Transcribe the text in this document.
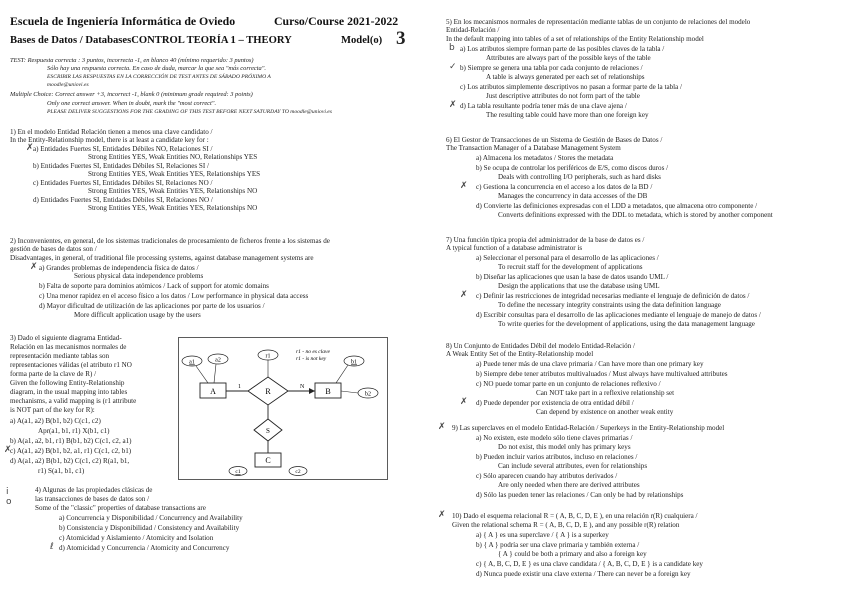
Escuela de Ingeniería Informática de Oviedo	Curso/Course 2021-2022
Bases de Datos / DatabasesCONTROL TEORÍA 1 – THEORY	Model(o) 3
TEST: Respuesta correcta : 3 puntos, incorrecta -1, en blanco 40 (mínimo requerido: 3 puntos)
Sólo hay una respuesta correcta. En caso de duda, marcar la que sea "más correcta".
ESCRIBIR LAS RESPUESTAS EN LA CORRECCIÓN DE TEST ANTES DE SÁBADO PRÓXIMO A
moodle@uniovi.es
Multiple Choice: Correct answer +3, incorrect -1, blank 0 (minimum grade required: 3 points)
Only one correct answer. When in doubt, mark the "most correct".
PLEASE DELIVER SUGGESTIONS FOR THE GRADING OF THIS TEST BEFORE NEXT SATURDAY TO moodle@uniovi.es
1) En el modelo Entidad Relación tienen a menos una clave candidato /
In the Entity-Relationship model, there is at least a candidate key for :
a) Entidades Fuertes SI, Entidades Débiles NO, Relaciones SI /
Strong Entities YES, Weak Entities NO, Relationships YES
b) Entidades Fuertes SI, Entidades Débiles SI, Relaciones SI /
Strong Entities YES, Weak Entities YES, Relationships YES
c) Entidades Fuertes SI, Entidades Débiles SI, Relaciones NO /
Strong Entities YES, Weak Entities YES, Relationships NO
d) Entidades Fuertes SI, Entidades Débiles SI, Relaciones NO /
Strong Entities YES, Weak Entities YES, Relationships NO
2) Inconvenientes, en general, de los sistemas tradicionales de procesamiento de ficheros frente a los sistemas de
gestión de bases de datos son /
Disadvantages, in general, of traditional file processing systems, against database management systems are
a) Grandes problemas de independencia física de datos /
Serious physical data independence problems
b) Falta de soporte para dominios atómicos / Lack of support for atomic domains
c) Una menor rapidez en el acceso físico a los datos / Low performance in physical data access
d) Mayor dificultad de utilización de las aplicaciones por parte de los usuarios /
More difficult application usage by the users
3) Dado el siguiente diagrama Entidad-
Relación en las mecanismos normales de
representación mediante tablas son
representaciones válidas (el atributo r1 NO
forma parte de la clave de R) /
Given the following Entity-Relationship
diagram, in the usual mapping into tables
mechanisms, a valid mapping is (r1 attribute
is NOT part of the key for R):
a) A(a1, a2) B(b1, b2) C(c1, c2)
Apr(a1, b1, r1) X(b1, c1)
b) A(a1, a2, b1, r1) B(b1, b2) C(c1, c2, a1)
c) A(a1, a2) B(b1, b2, a1, r1) C(c1, c2, b1)
d) A(a1, a2) B(b1, b2) C(c1, c2) R(a1, b1,
r1) S(a1, b1, c1)
4) Algunas de las propiedades clásicas de
las transacciones de bases de datos son /
Some of the "classic" properties of database transactions are
a) Concurrencia y Disponibilidad / Concurrency and Availability
b) Consistencia y Disponibilidad / Consistency and Availability
c) Atomicidad y Aislamiento / Atomicity and Isolation
d) Atomicidad y Concurrencia / Atomicity and Concurrency
✗
✗
✗
ℓ
i
o
A	R	B
a1	a2
r1
b1
b2
S
C
c1	c2
1	N
r1 - no es clave
r1 - is not key
5) En los mecanismos normales de representación mediante tablas de un conjunto de relaciones del modelo
Entidad-Relación /
In the default mapping into tables of a set of relationships of the Entity Relationship model
a) Los atributos siempre forman parte de las posibles claves de la tabla /
Attributes are always part of the possible keys of the table
b) Siempre se genera una tabla por cada conjunto de relaciones /
A table is always generated per each set of relationships
c) Los atributos simplemente descriptivos no pasan a formar parte de la tabla /
Just descriptive attributes do not form part of the table
d) La tabla resultante podría tener más de una clave ajena /
The resulting table could have more than one foreign key
6) El Gestor de Transacciones de un Sistema de Gestión de Bases de Datos /
The Transaction Manager of a Database Management System
a) Almacena los metadatos / Stores the metadata
b) Se ocupa de controlar los periféricos de E/S, como discos duros /
Deals with controlling I/O peripherals, such as hard disks
c) Gestiona la concurrencia en el acceso a los datos de la BD /
Manages the concurrency in data accesses of the DB
d) Convierte las definiciones expresadas con el LDD a metadatos, que almacena otro componente /
Converts definitions expressed with the DDL to metadata, which is stored by another component
7) Una función típica propia del administrador de la base de datos es /
A typical function of a database administrator is
a) Seleccionar el personal para el desarrollo de las aplicaciones /
To recruit staff for the development of applications
b) Diseñar las aplicaciones que usan la base de datos usando UML /
Design the applications that use the database using UML
c) Definir las restricciones de integridad necesarias mediante el lenguaje de definición de datos /
To define the necessary integrity constraints using the data definition language
d) Escribir consultas para el desarrollo de las aplicaciones mediante el lenguaje de manejo de datos /
To write queries for the development of applications, using the data management language
8) Un Conjunto de Entidades Débil del modelo Entidad-Relación /
A Weak Entity Set of the Entity-Relationship model
a) Puede tener más de una clave primaria / Can have more than one primary key
b) Siempre debe tener atributos multivaluados / Must always have multivalued attributes
c) NO puede tomar parte en un conjunto de relaciones reflexivo /
Can NOT take part in a reflexive relationship set
d) Puede depender por existencia de otra entidad débil /
Can depend by existence on another weak entity
9) Las superclaves en el modelo Entidad-Relación / Superkeys in the Entity-Relationship model
a) No existen, este modelo sólo tiene claves primarias /
Do not exist, this model only has primary keys
b) Pueden incluir varios atributos, incluso en relaciones /
Can include several attributes, even for relationships
c) Sólo aparecen cuando hay atributos derivados /
Are only needed when there are derived attributes
d) Sólo las pueden tener las relaciones / Can only be had by relationships
10) Dado el esquema relacional R = ( A, B, C, D, E ), en una relación r(R) cualquiera /
Given the relational schema R = ( A, B, C, D, E ), and any possible r(R) relation
a) { A } es una superclave / { A } is a superkey
b) { A } podría ser una clave primaria y también externa /
{ A } could be both a primary and also a foreign key
c) { A, B, C, D, E } es una clave candidata / { A, B, C, D, E } is a candidate key
d) Nunca puede existir una clave externa / There can never be a foreign key
b
✓
✗
✗
✗
✗
✗
✗
